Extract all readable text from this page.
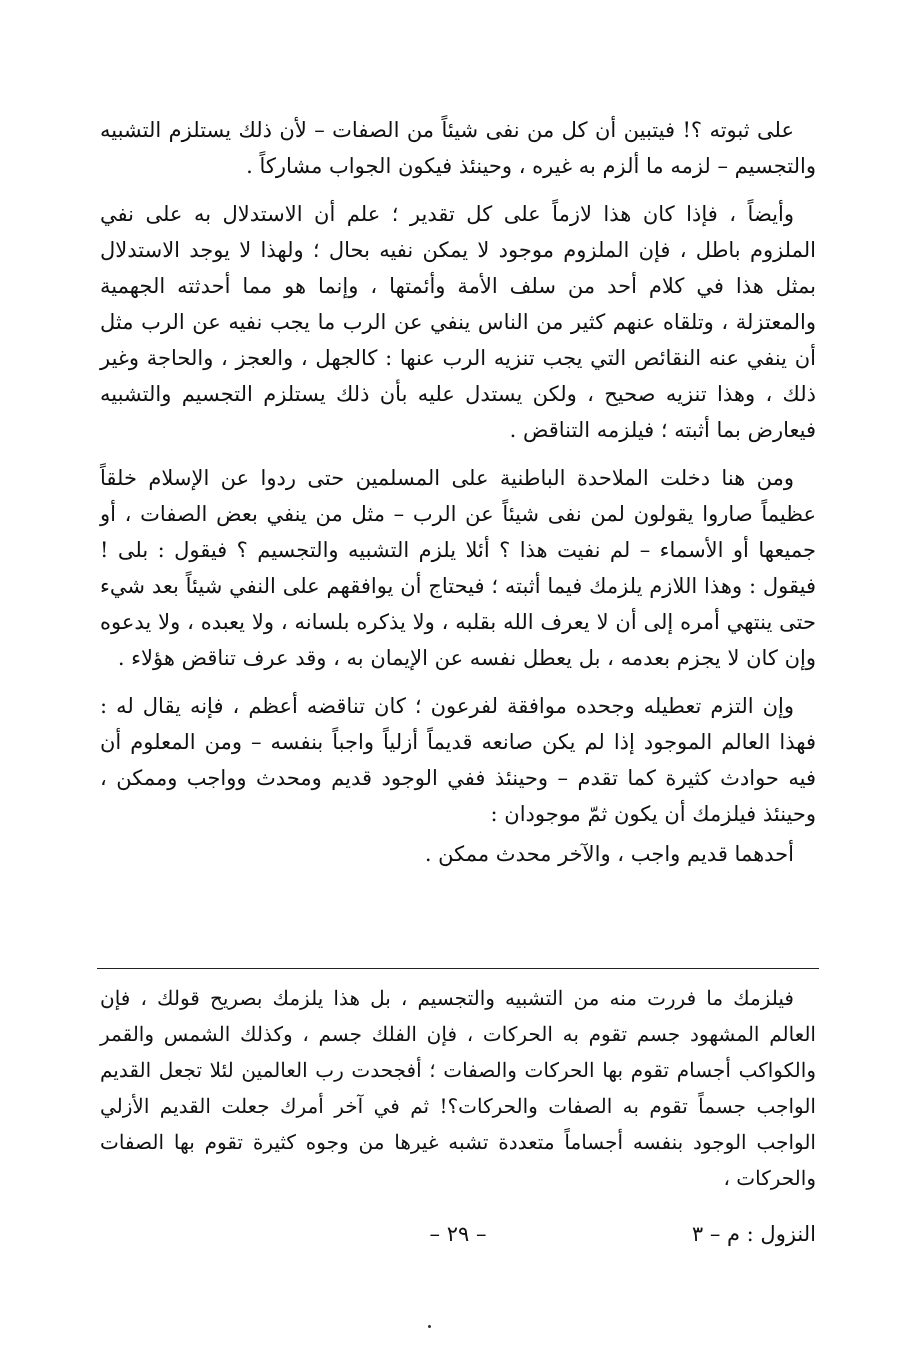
على ثبوته ؟! فيتبين أن كل من نفى شيئاً من الصفات – لأن ذلك يستلزم التشبيه والتجسيم – لزمه ما ألزم به غيره ، وحينئذ فيكون الجواب مشاركاً .

وأيضاً ، فإذا كان هذا لازماً على كل تقدير ؛ علم أن الاستدلال به على نفي الملزوم باطل ، فإن الملزوم موجود لا يمكن نفيه بحال ؛ ولهذا لا يوجد الاستدلال بمثل هذا في كلام أحد من سلف الأمة وأئمتها ، وإنما هو مما أحدثته الجهمية والمعتزلة ، وتلقاه عنهم كثير من الناس ينفي عن الرب ما يجب نفيه عن الرب مثل أن ينفي عنه النقائص التي يجب تنزيه الرب عنها : كالجهل ، والعجز ، والحاجة وغير ذلك ، وهذا تنزيه صحيح ، ولكن يستدل عليه بأن ذلك يستلزم التجسيم والتشبيه فيعارض بما أثبته ؛ فيلزمه التناقض .

ومن هنا دخلت الملاحدة الباطنية على المسلمين حتى ردوا عن الإسلام خلقاً عظيماً صاروا يقولون لمن نفى شيئاً عن الرب – مثل من ينفي بعض الصفات ، أو جميعها أو الأسماء – لم نفيت هذا ؟ أئلا يلزم التشبيه والتجسيم ؟ فيقول : بلى ! فيقول : وهذا اللازم يلزمك فيما أثبته ؛ فيحتاج أن يوافقهم على النفي شيئاً بعد شيء حتى ينتهي أمره إلى أن لا يعرف الله بقلبه ، ولا يذكره بلسانه ، ولا يعبده ، ولا يدعوه وإن كان لا يجزم بعدمه ، بل يعطل نفسه عن الإيمان به ، وقد عرف تناقض هؤلاء .

وإن التزم تعطيله وجحده موافقة لفرعون ؛ كان تناقضه أعظم ، فإنه يقال له : فهذا العالم الموجود إذا لم يكن صانعه قديماً أزلياً واجباً بنفسه – ومن المعلوم أن فيه حوادث كثيرة كما تقدم – وحينئذ ففي الوجود قديم ومحدث وواجب وممكن ، وحينئذ فيلزمك أن يكون ثمّ موجودان :

أحدهما قديم واجب ، والآخر محدث ممكن .

فيلزمك ما فررت منه من التشبيه والتجسيم ، بل هذا يلزمك بصريح قولك ، فإن العالم المشهود جسم تقوم به الحركات ، فإن الفلك جسم ، وكذلك الشمس والقمر والكواكب أجسام تقوم بها الحركات والصفات ؛ أفجحدت رب العالمين لئلا تجعل القديم الواجب جسماً تقوم به الصفات والحركات؟! ثم في آخر أمرك جعلت القديم الأزلي الواجب الوجود بنفسه أجساماً متعددة تشبه غيرها من وجوه كثيرة تقوم بها الصفات والحركات ،

– ٢٩ –	النزول : م – ٣
